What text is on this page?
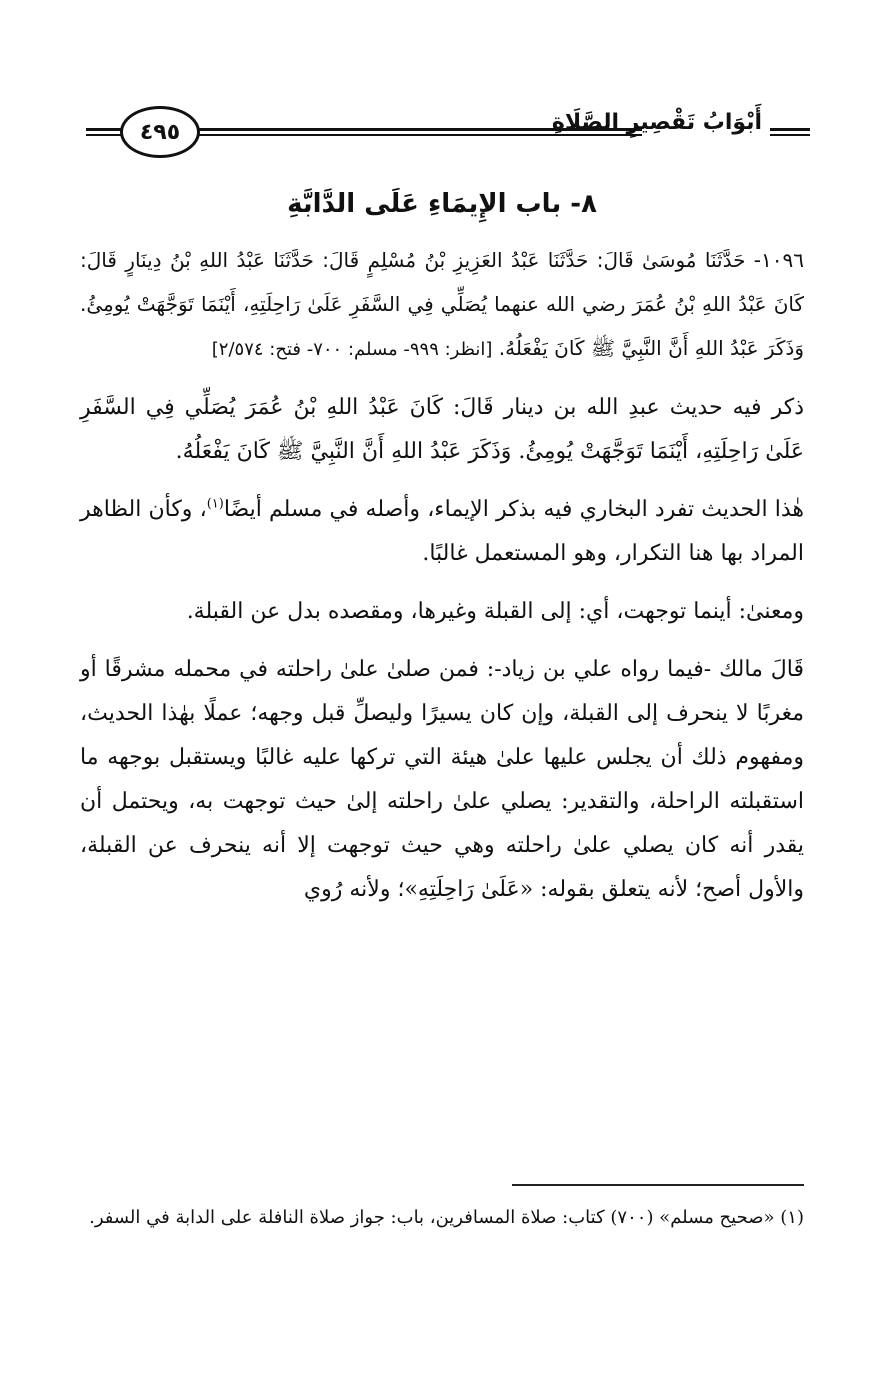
٤٩٥	أَبْوَابُ تَقْصِيرِ الصَّلَاةِ
٨- باب الإِيمَاءِ عَلَى الدَّابَّةِ
١٠٩٦- حَدَّثَنَا مُوسَىٰ قَالَ: حَدَّثَنَا عَبْدُ العَزِيزِ بْنُ مُسْلِمٍ قَالَ: حَدَّثَنَا عَبْدُ اللهِ بْنُ دِينَارٍ قَالَ: كَانَ عَبْدُ اللهِ بْنُ عُمَرَ رضي الله عنهما يُصَلِّي فِي السَّفَرِ عَلَىٰ رَاحِلَتِهِ، أَيْنَمَا تَوَجَّهَتْ يُومِئُ. وَذَكَرَ عَبْدُ اللهِ أَنَّ النَّبِيَّ ﷺ كَانَ يَفْعَلُهُ. [انظر: ٩٩٩- مسلم: ٧٠٠- فتح: ٢/٥٧٤]
ذكر فيه حديث عبدِ الله بن دينار قَالَ: كَانَ عَبْدُ اللهِ بْنُ عُمَرَ يُصَلِّي فِي السَّفَرِ عَلَىٰ رَاحِلَتِهِ، أَيْنَمَا تَوَجَّهَتْ يُومِئُ. وَذَكَرَ عَبْدُ اللهِ أَنَّ النَّبِيَّ ﷺ كَانَ يَفْعَلُهُ.
هٰذا الحديث تفرد البخاري فيه بذكر الإيماء، وأصله في مسلم أيضًا$^{(١)}$، وكأن الظاهر المراد بها هنا التكرار، وهو المستعمل غالبًا.
ومعنىٰ: أينما توجهت، أي: إلى القبلة وغيرها، ومقصده بدل عن القبلة.
قَالَ مالك -فيما رواه علي بن زياد-: فمن صلىٰ علىٰ راحلته في محمله مشرقًا أو مغربًا لا ينحرف إلى القبلة، وإن كان يسيرًا وليصلِّ قبل وجهه؛ عملًا بهٰذا الحديث، ومفهوم ذلك أن يجلس عليها علىٰ هيئة التي تركها عليه غالبًا ويستقبل بوجهه ما استقبلته الراحلة، والتقدير: يصلي علىٰ راحلته إلىٰ حيث توجهت به، ويحتمل أن يقدر أنه كان يصلي علىٰ راحلته وهي حيث توجهت إلا أنه ينحرف عن القبلة، والأول أصح؛ لأنه يتعلق بقوله: «عَلَىٰ رَاحِلَتِهِ»؛ ولأنه رُوي
(١) «صحيح مسلم» (٧٠٠) كتاب: صلاة المسافرين، باب: جواز صلاة النافلة على الدابة في السفر.
